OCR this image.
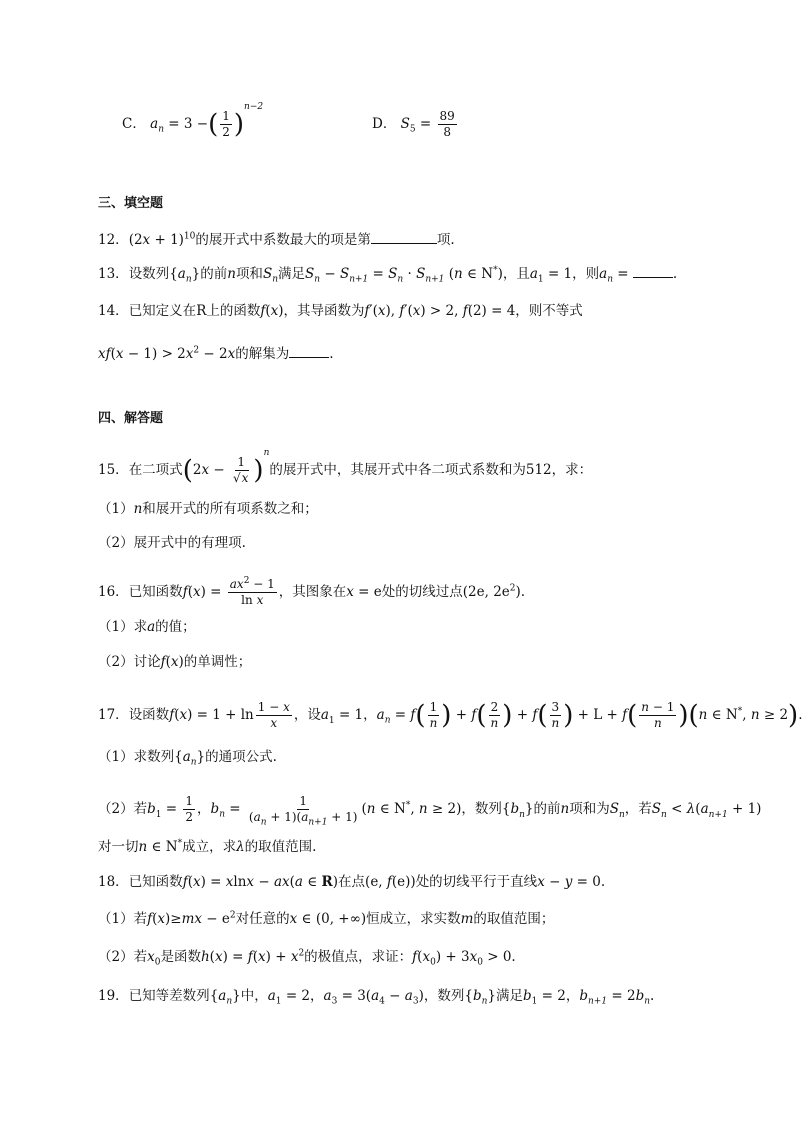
C． $a_n = 3$ −( $\frac{1}{2} )^{n-2}$
D． $S_5 = \frac{89}{8}$
三、填空题
12．$(2x + 1)^{10}$的展开式中系数最大的项是第	项.
13．设数列$\{a_n\}$的前n项和$S_n$满足$S_n - S_{n+1} = S_n \cdot S_{n+1}$ (n ∈ N*)，且$a_1 = 1$，则$a_n$ =	.
14．已知定义在R上的函数f(x)，其导函数为f′(x), f′(x) > 2, f(2) = 4，则不等式
$xf(x - 1) > 2x^2 - 2x$的解集为	.
四、解答题
15．在二项式$(2x - \frac{1}{√x} )^n$的展开式中，其展开式中各二项式系数和为512，求：
（1）n和展开式的所有项系数之和；
（2）展开式中的有理项.
16．已知函数$f(x) = \frac{ax^2 - 1}{\text{ln x}}$ ，其图象在x = e处的切线过点(2e, $2e^2$).
（1）求a的值；
（2）讨论f(x)的单调性；
17．设函数$f(x) = 1 + \ln \frac{1 - x}{x}$ ，设$a_1 = 1$，$a_n = f( \frac{1}{n}$ ) + $f( \frac{2}{n}$ ) + $f( \frac{3}{n}$ ) + $L + f( \frac{n - 1}{n} )(n$ ∈ N*, n ≥ 2)
（1）求数列$\{a_n\}$的通项公式.
（2）若$b_1 = \frac{1}{2}$ ，$b_n = \frac{1}{(a_n + 1)(a_{n+1} + 1)} (n$ ∈ N*, n ≥ 2)，数列$\{b_n\}$的前n项和为$S_n$，若$S_n < \lambda(a_{n+1} + 1)$
对一切n ∈ N*成立，求λ的取值范围.
18．已知函数f(x) = xlnx − ax(a ∈ R)在点(e, f(e))处的切线平行于直线x − y = 0.
（1）若$f(x)\ge mx - e^2$对任意的x ∈ (0, +∞)恒成立，求实数m的取值范围；
（2）若$x_0$是函数$h(x) = f(x) + x^2$的极值点，求证：$f(x_0) + 3x_0 > 0$.
19．已知等差数列$\{a_n\}$中，$a_1 = 2$，$a_3 = 3(a_4 - a_3)$，数列$\{b_n\}$满足$b_1 = 2$，$b_{n+1} = 2b_n$.
